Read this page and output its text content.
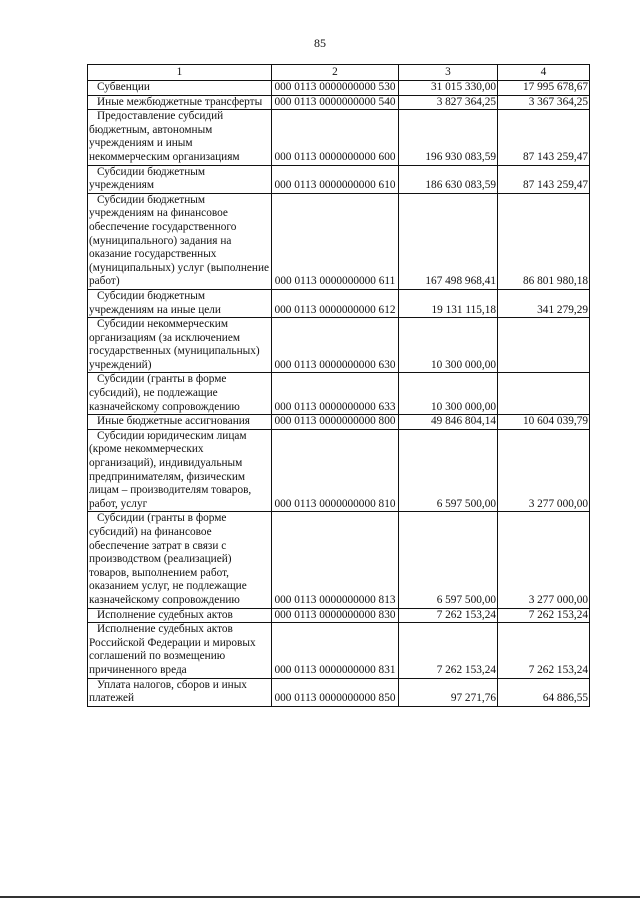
85
1	2	3	4
Субвенции	000 0113 0000000000 530	31 015 330,00	17 995 678,67
Иные межбюджетные трансферты	000 0113 0000000000 540	3 827 364,25	3 367 364,25
Предоставление субсидий бюджетным, автономным учреждениям и иным некоммерческим организациям	000 0113 0000000000 600	196 930 083,59	87 143 259,47
Субсидии бюджетным учреждениям	000 0113 0000000000 610	186 630 083,59	87 143 259,47
Субсидии бюджетным учреждениям на финансовое обеспечение государственного (муниципального) задания на оказание государственных (муниципальных) услуг (выполнение работ)	000 0113 0000000000 611	167 498 968,41	86 801 980,18
Субсидии бюджетным учреждениям на иные цели	000 0113 0000000000 612	19 131 115,18	341 279,29
Субсидии некоммерческим организациям (за исключением государственных (муниципальных) учреждений)	000 0113 0000000000 630	10 300 000,00	
Субсидии (гранты в форме субсидий), не подлежащие казначейскому сопровождению	000 0113 0000000000 633	10 300 000,00	
Иные бюджетные ассигнования	000 0113 0000000000 800	49 846 804,14	10 604 039,79
Субсидии юридическим лицам (кроме некоммерческих организаций), индивидуальным предпринимателям, физическим лицам – производителям товаров, работ, услуг	000 0113 0000000000 810	6 597 500,00	3 277 000,00
Субсидии (гранты в форме субсидий) на финансовое обеспечение затрат в связи с производством (реализацией) товаров, выполнением работ, оказанием услуг, не подлежащие казначейскому сопровождению	000 0113 0000000000 813	6 597 500,00	3 277 000,00
Исполнение судебных актов	000 0113 0000000000 830	7 262 153,24	7 262 153,24
Исполнение судебных актов Российской Федерации и мировых соглашений по возмещению причиненного вреда	000 0113 0000000000 831	7 262 153,24	7 262 153,24
Уплата налогов, сборов и иных платежей	000 0113 0000000000 850	97 271,76	64 886,55
